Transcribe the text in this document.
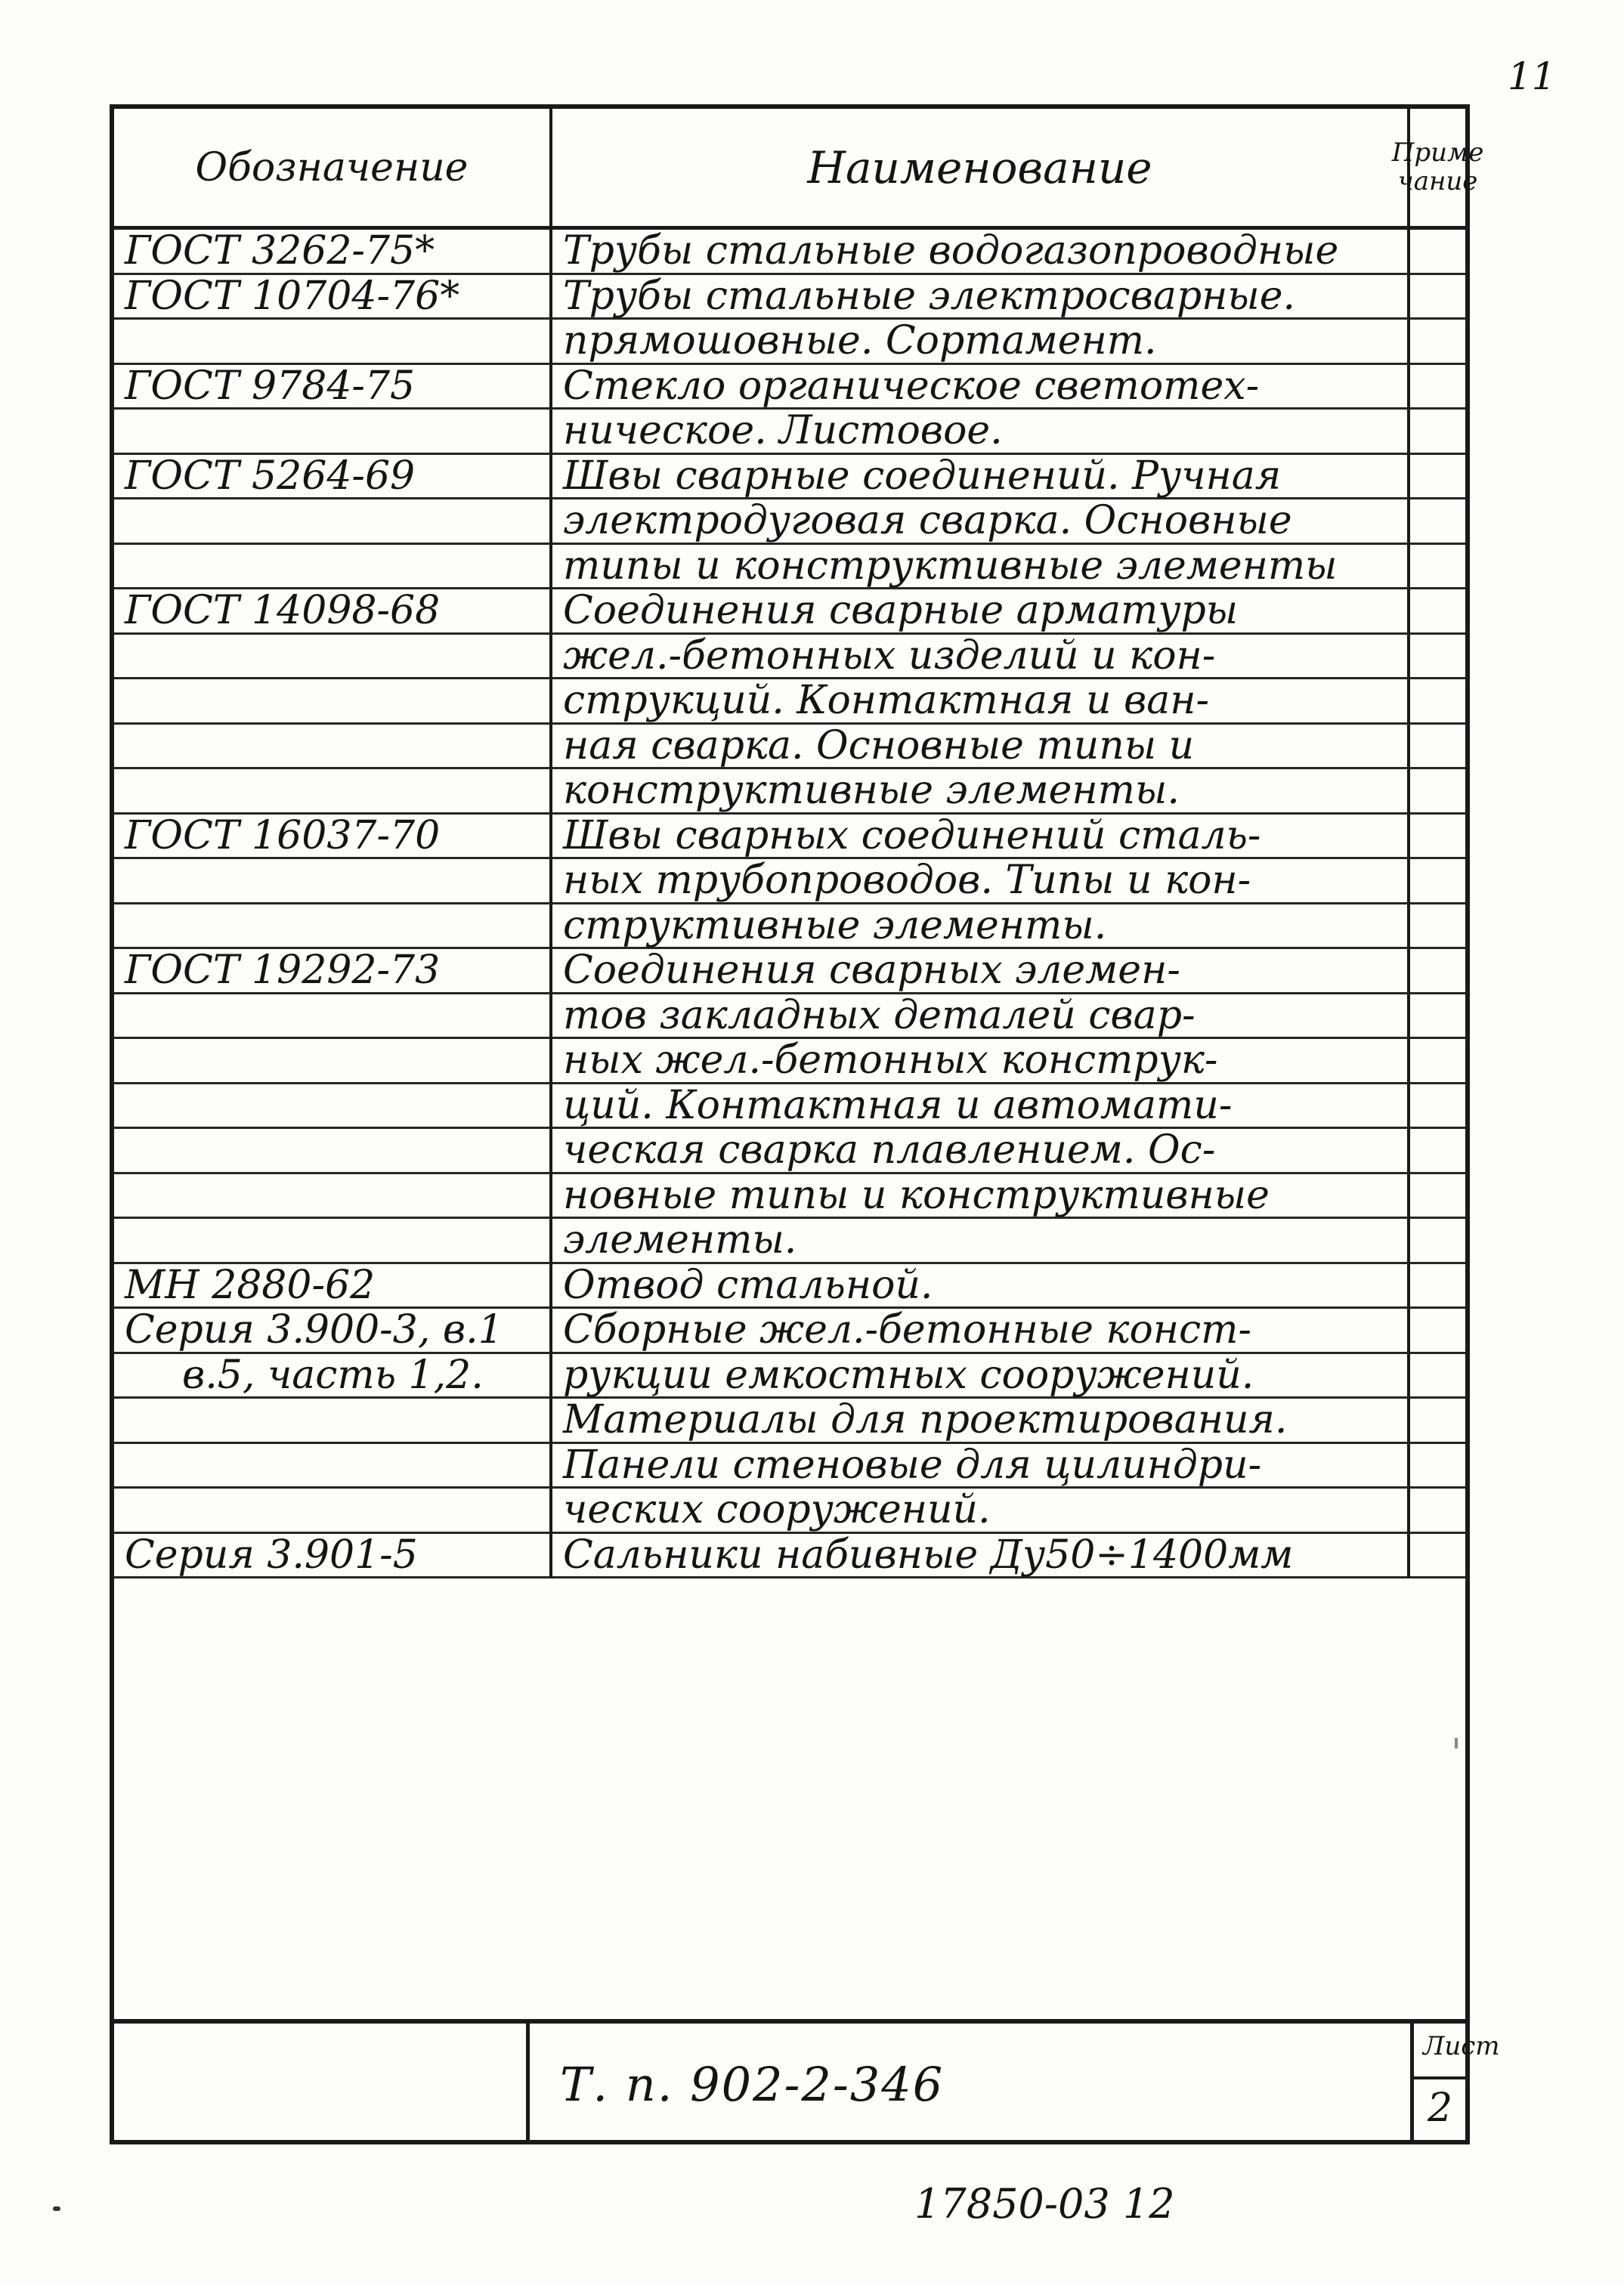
11
Обозначение	Наименование	Приме
чание
ГОСТ 3262-75*	Трубы стальные водогазопроводные
ГОСТ 10704-76*	Трубы стальные электросварные.
прямошовные. Сортамент.
ГОСТ 9784-75	Стекло органическое светотех-
ническое. Листовое.
ГОСТ 5264-69	Швы сварные соединений. Ручная
электродуговая сварка. Основные
типы и конструктивные элементы
ГОСТ 14098-68	Соединения сварные арматуры
жел.-бетонных изделий и кон-
струкций. Контактная и ван-
ная сварка. Основные типы и
конструктивные элементы.
ГОСТ 16037-70	Швы сварных соединений сталь-
ных трубопроводов. Типы и кон-
структивные элементы.
ГОСТ 19292-73	Соединения сварных элемен-
тов закладных деталей свар-
ных жел.-бетонных конструк-
ций. Контактная и автомати-
ческая сварка плавлением. Ос-
новные типы и конструктивные
элементы.
МН 2880-62	Отвод стальной.
Серия 3.900-3, в.1	Сборные жел.-бетонные конст-
в.5, часть 1,2.	рукции емкостных сооружений.
Материалы для проектирования.
Панели стеновые для цилиндри-
ческих сооружений.
Серия 3.901-5	Сальники набивные Ду50÷1400мм
Т. п. 902-2-346
Лист
2
17850-03 12
